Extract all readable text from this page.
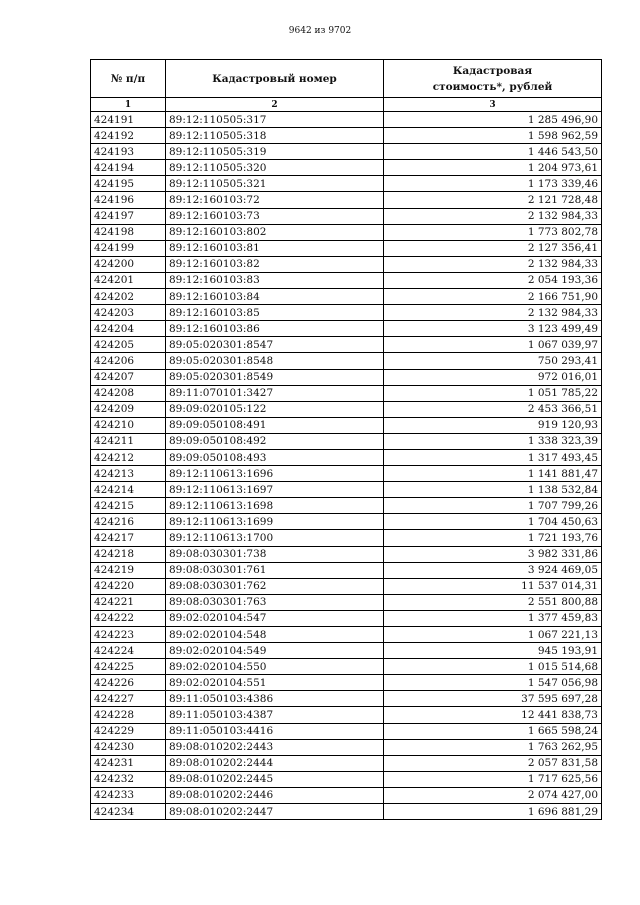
9642 из 9702
№ п/п	Кадастровый номер	Кадастровая стоимость*, рублей
1	2	3
424191	89:12:110505:317	1 285 496,90
424192	89:12:110505:318	1 598 962,59
424193	89:12:110505:319	1 446 543,50
424194	89:12:110505:320	1 204 973,61
424195	89:12:110505:321	1 173 339,46
424196	89:12:160103:72	2 121 728,48
424197	89:12:160103:73	2 132 984,33
424198	89:12:160103:802	1 773 802,78
424199	89:12:160103:81	2 127 356,41
424200	89:12:160103:82	2 132 984,33
424201	89:12:160103:83	2 054 193,36
424202	89:12:160103:84	2 166 751,90
424203	89:12:160103:85	2 132 984,33
424204	89:12:160103:86	3 123 499,49
424205	89:05:020301:8547	1 067 039,97
424206	89:05:020301:8548	750 293,41
424207	89:05:020301:8549	972 016,01
424208	89:11:070101:3427	1 051 785,22
424209	89:09:020105:122	2 453 366,51
424210	89:09:050108:491	919 120,93
424211	89:09:050108:492	1 338 323,39
424212	89:09:050108:493	1 317 493,45
424213	89:12:110613:1696	1 141 881,47
424214	89:12:110613:1697	1 138 532,84
424215	89:12:110613:1698	1 707 799,26
424216	89:12:110613:1699	1 704 450,63
424217	89:12:110613:1700	1 721 193,76
424218	89:08:030301:738	3 982 331,86
424219	89:08:030301:761	3 924 469,05
424220	89:08:030301:762	11 537 014,31
424221	89:08:030301:763	2 551 800,88
424222	89:02:020104:547	1 377 459,83
424223	89:02:020104:548	1 067 221,13
424224	89:02:020104:549	945 193,91
424225	89:02:020104:550	1 015 514,68
424226	89:02:020104:551	1 547 056,98
424227	89:11:050103:4386	37 595 697,28
424228	89:11:050103:4387	12 441 838,73
424229	89:11:050103:4416	1 665 598,24
424230	89:08:010202:2443	1 763 262,95
424231	89:08:010202:2444	2 057 831,58
424232	89:08:010202:2445	1 717 625,56
424233	89:08:010202:2446	2 074 427,00
424234	89:08:010202:2447	1 696 881,29
